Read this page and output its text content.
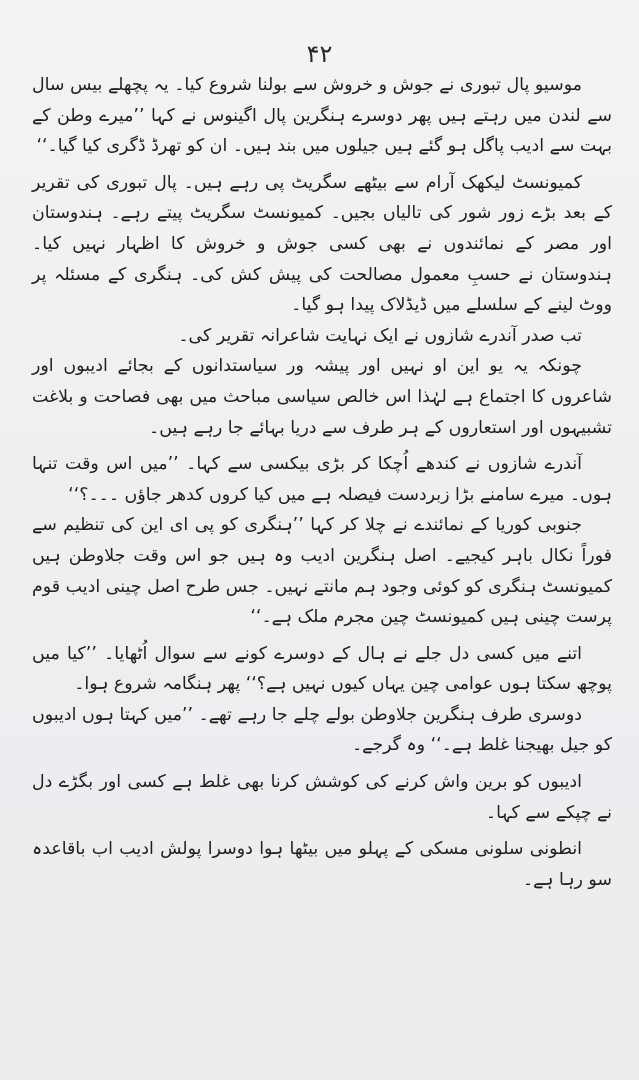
۴۲

موسیو پال تبوری نے جوش و خروش سے بولنا شروع کیا۔ یہ پچھلے بیس سال سے لندن میں رہتے ہیں پھر دوسرے ہنگرین پال اگینوس نے کہا ’’میرے وطن کے بہت سے ادیب پاگل ہو گئے ہیں جیلوں میں بند ہیں۔ ان کو تھرڈ ڈگری کیا گیا۔‘‘

کمیونسٹ لیکھک آرام سے بیٹھے سگریٹ پی رہے ہیں۔ پال تبوری کی تقریر کے بعد بڑے زور شور کی تالیاں بجیں۔ کمیونسٹ سگریٹ پیتے رہے۔ ہندوستان اور مصر کے نمائندوں نے بھی کسی جوش و خروش کا اظہار نہیں کیا۔ ہندوستان نے حسبِ معمول مصالحت کی پیش کش کی۔ ہنگری کے مسئلہ پر ووٹ لینے کے سلسلے میں ڈیڈلاک پیدا ہو گیا۔

تب صدر آندرے شازوں نے ایک نہایت شاعرانہ تقریر کی۔

چونکہ یہ یو این او نہیں اور پیشہ ور سیاستدانوں کے بجائے ادیبوں اور شاعروں کا اجتماع ہے لہٰذا اس خالص سیاسی مباحث میں بھی فصاحت و بلاغت تشبیہوں اور استعاروں کے ہر طرف سے دریا بہائے جا رہے ہیں۔

آندرے شازوں نے کندھے اُچکا کر بڑی بیکسی سے کہا۔ ’’میں اس وقت تنہا ہوں۔ میرے سامنے بڑا زبردست فیصلہ ہے میں کیا کروں کدھر جاؤں ۔۔۔؟‘‘

جنوبی کوریا کے نمائندے نے چلا کر کہا ’’ہنگری کو پی ای این کی تنظیم سے فوراً نکال باہر کیجیے۔ اصل ہنگرین ادیب وہ ہیں جو اس وقت جلاوطن ہیں کمیونسٹ ہنگری کو کوئی وجود ہم مانتے نہیں۔ جس طرح اصل چینی ادیب قوم پرست چینی ہیں کمیونسٹ چین مجرم ملک ہے۔‘‘

اتنے میں کسی دل جلے نے ہال کے دوسرے کونے سے سوال اُٹھایا۔ ’’کیا میں پوچھ سکتا ہوں عوامی چین یہاں کیوں نہیں ہے؟‘‘ پھر ہنگامہ شروع ہوا۔

دوسری طرف ہنگرین جلاوطن بولے چلے جا رہے تھے۔ ’’میں کہتا ہوں ادیبوں کو جیل بھیجنا غلط ہے۔‘‘ وہ گرجے۔

ادیبوں کو برین واش کرنے کی کوشش کرنا بھی غلط ہے کسی اور بگڑے دل نے چپکے سے کہا۔

انطونی سلونی مسکی کے پہلو میں بیٹھا ہوا دوسرا پولش ادیب اب باقاعدہ سو رہا ہے۔
